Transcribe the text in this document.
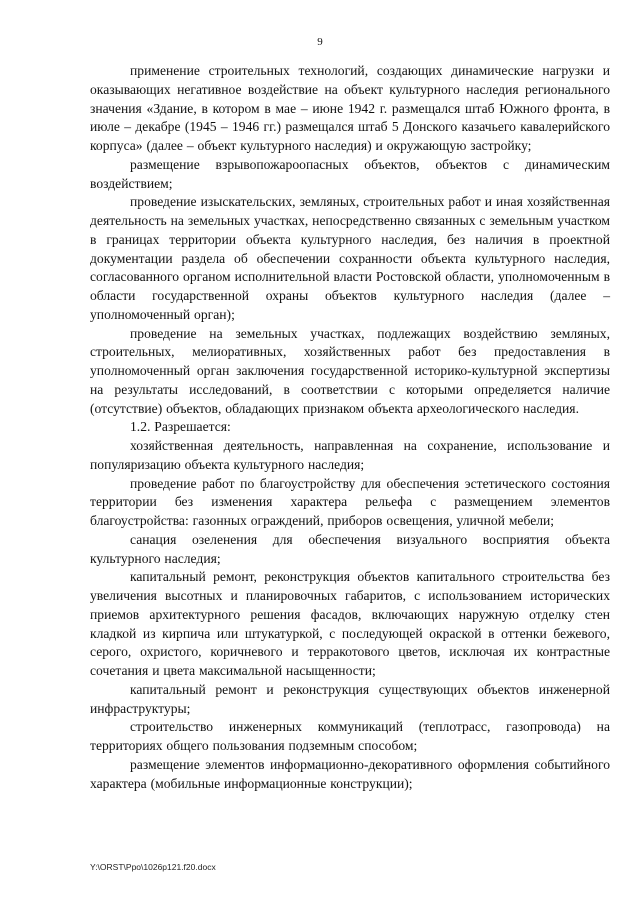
9

применение строительных технологий, создающих динамические нагрузки и оказывающих негативное воздействие на объект культурного наследия регионального значения «Здание, в котором в мае – июне 1942 г. размещался штаб Южного фронта, в июле – декабре (1945 – 1946 гг.) размещался штаб 5 Донского казачьего кавалерийского корпуса» (далее – объект культурного наследия) и окружающую застройку;

размещение взрывопожароопасных объектов, объектов с динамическим воздействием;

проведение изыскательских, земляных, строительных работ и иная хозяйственная деятельность на земельных участках, непосредственно связанных с земельным участком в границах территории объекта культурного наследия, без наличия в проектной документации раздела об обеспечении сохранности объекта культурного наследия, согласованного органом исполнительной власти Ростовской области, уполномоченным в области государственной охраны объектов культурного наследия (далее – уполномоченный орган);

проведение на земельных участках, подлежащих воздействию земляных, строительных, мелиоративных, хозяйственных работ без предоставления в уполномоченный орган заключения государственной историко-культурной экспертизы на результаты исследований, в соответствии с которыми определяется наличие (отсутствие) объектов, обладающих признаком объекта археологического наследия.

1.2. Разрешается:

хозяйственная деятельность, направленная на сохранение, использование и популяризацию объекта культурного наследия;

проведение работ по благоустройству для обеспечения эстетического состояния территории без изменения характера рельефа с размещением элементов благоустройства: газонных ограждений, приборов освещения, уличной мебели;

санация озеленения для обеспечения визуального восприятия объекта культурного наследия;

капитальный ремонт, реконструкция объектов капитального строительства без увеличения высотных и планировочных габаритов, с использованием исторических приемов архитектурного решения фасадов, включающих наружную отделку стен кладкой из кирпича или штукатуркой, с последующей окраской в оттенки бежевого, серого, охристого, коричневого и терракотового цветов, исключая их контрастные сочетания и цвета максимальной насыщенности;

капитальный ремонт и реконструкция существующих объектов инженерной инфраструктуры;

строительство инженерных коммуникаций (теплотрасс, газопровода) на территориях общего пользования подземным способом;

размещение элементов информационно-декоративного оформления событийного характера (мобильные информационные конструкции);

Y:\ORST\Ppo\1026p121.f20.docx
